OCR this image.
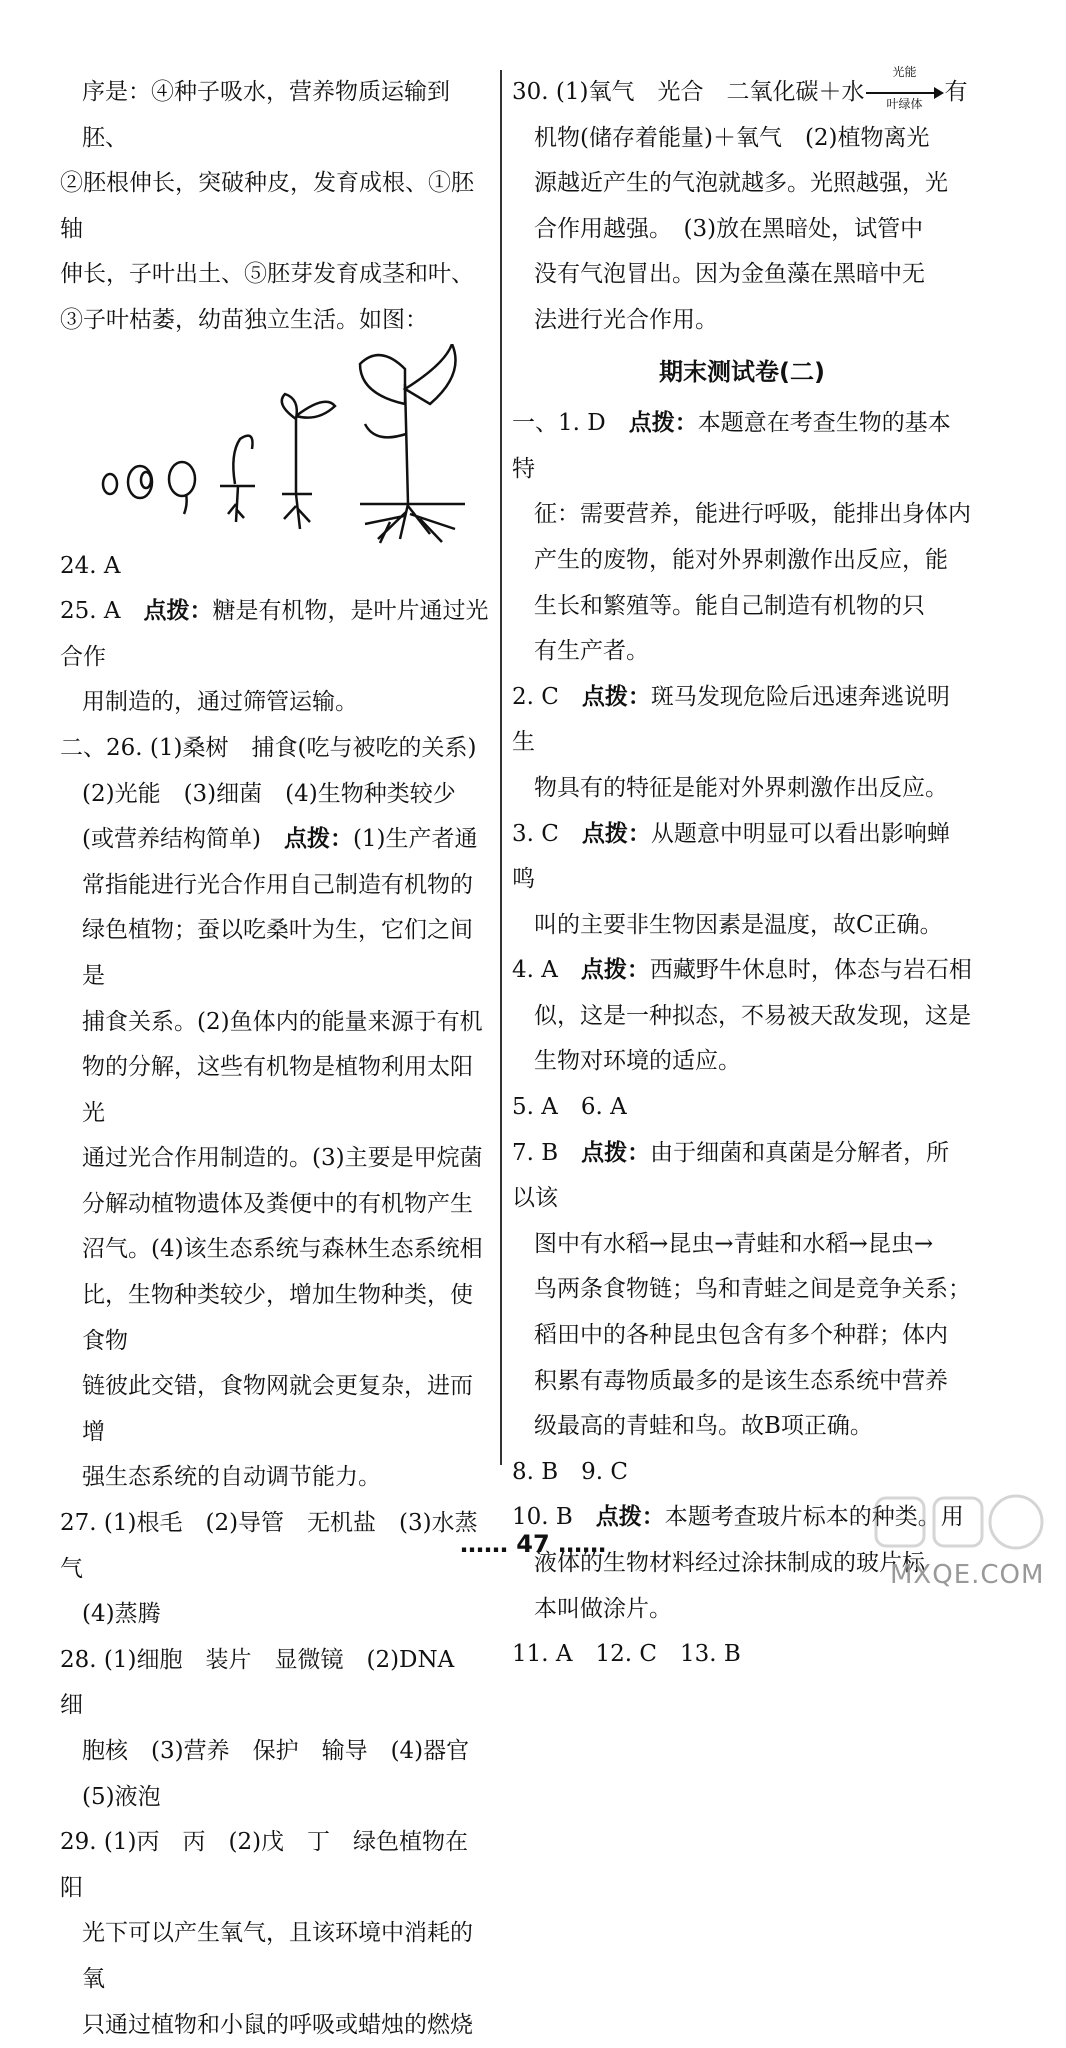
序是：④种子吸水，营养物质运输到胚、

②胚根伸长，突破种皮，发育成根、①胚轴

伸长，子叶出土、⑤胚芽发育成茎和叶、

③子叶枯萎，幼苗独立生活。如图：

24. A

25. A　 点拨：糖是有机物，是叶片通过光合作

用制造的，通过筛管运输。

二、26. (1)桑树　捕食(吃与被吃的关系)

(2)光能　(3)细菌　(4)生物种类较少

(或营养结构简单)　点拨：(1)生产者通

常指能进行光合作用自己制造有机物的

绿色植物；蚕以吃桑叶为生，它们之间是

捕食关系。(2)鱼体内的能量来源于有机

物的分解，这些有机物是植物利用太阳光

通过光合作用制造的。(3)主要是甲烷菌

分解动植物遗体及粪便中的有机物产生

沼气。(4)该生态系统与森林生态系统相

比，生物种类较少，增加生物种类，使食物

链彼此交错，食物网就会更复杂，进而增

强生态系统的自动调节能力。

27. (1)根毛　(2)导管　无机盐　(3)水蒸气

(4)蒸腾

28. (1)细胞　装片　显微镜　(2)DNA　细

胞核　(3)营养　保护　输导　(4)器官

(5)液泡

29. (1)丙　丙　(2)戊　丁　绿色植物在阳

光下可以产生氧气，且该环境中消耗的氧

只通过植物和小鼠的呼吸或蜡烛的燃烧

30. (1)氧气　光合　二氧化碳＋水
光能
叶绿体 有

机物(储存着能量)＋氧气　(2)植物离光

源越近产生的气泡就越多。光照越强，光

合作用越强。　(3)放在黑暗处，试管中

没有气泡冒出。因为金鱼藻在黑暗中无

法进行光合作用。

期末测试卷(二)

一、1. D　点拨：本题意在考查生物的基本特

征：需要营养，能进行呼吸，能排出身体内

产生的废物，能对外界刺激作出反应，能

生长和繁殖等。能自己制造有机物的只

有生产者。

2. C　点拨：斑马发现危险后迅速奔逃说明生

物具有的特征是能对外界刺激作出反应。

3. C　点拨：从题意中明显可以看出影响蝉鸣

叫的主要非生物因素是温度，故C正确。

4. A　点拨：西藏野牛休息时，体态与岩石相

似，这是一种拟态，不易被天敌发现，这是

生物对环境的适应。

5. A　6. A

7. B　点拨：由于细菌和真菌是分解者，所以该

图中有水稻→昆虫→青蛙和水稻→昆虫→

鸟两条食物链；鸟和青蛙之间是竞争关系；

稻田中的各种昆虫包含有多个种群；体内

积累有毒物质最多的是该生态系统中营养

级最高的青蛙和鸟。故B项正确。

8. B　9. C

10. B　点拨：本题考查玻片标本的种类。用

液体的生物材料经过涂抹制成的玻片标

本叫做涂片。

11. A　12. C　13. B

…… 47 ……
MXQE.COM
